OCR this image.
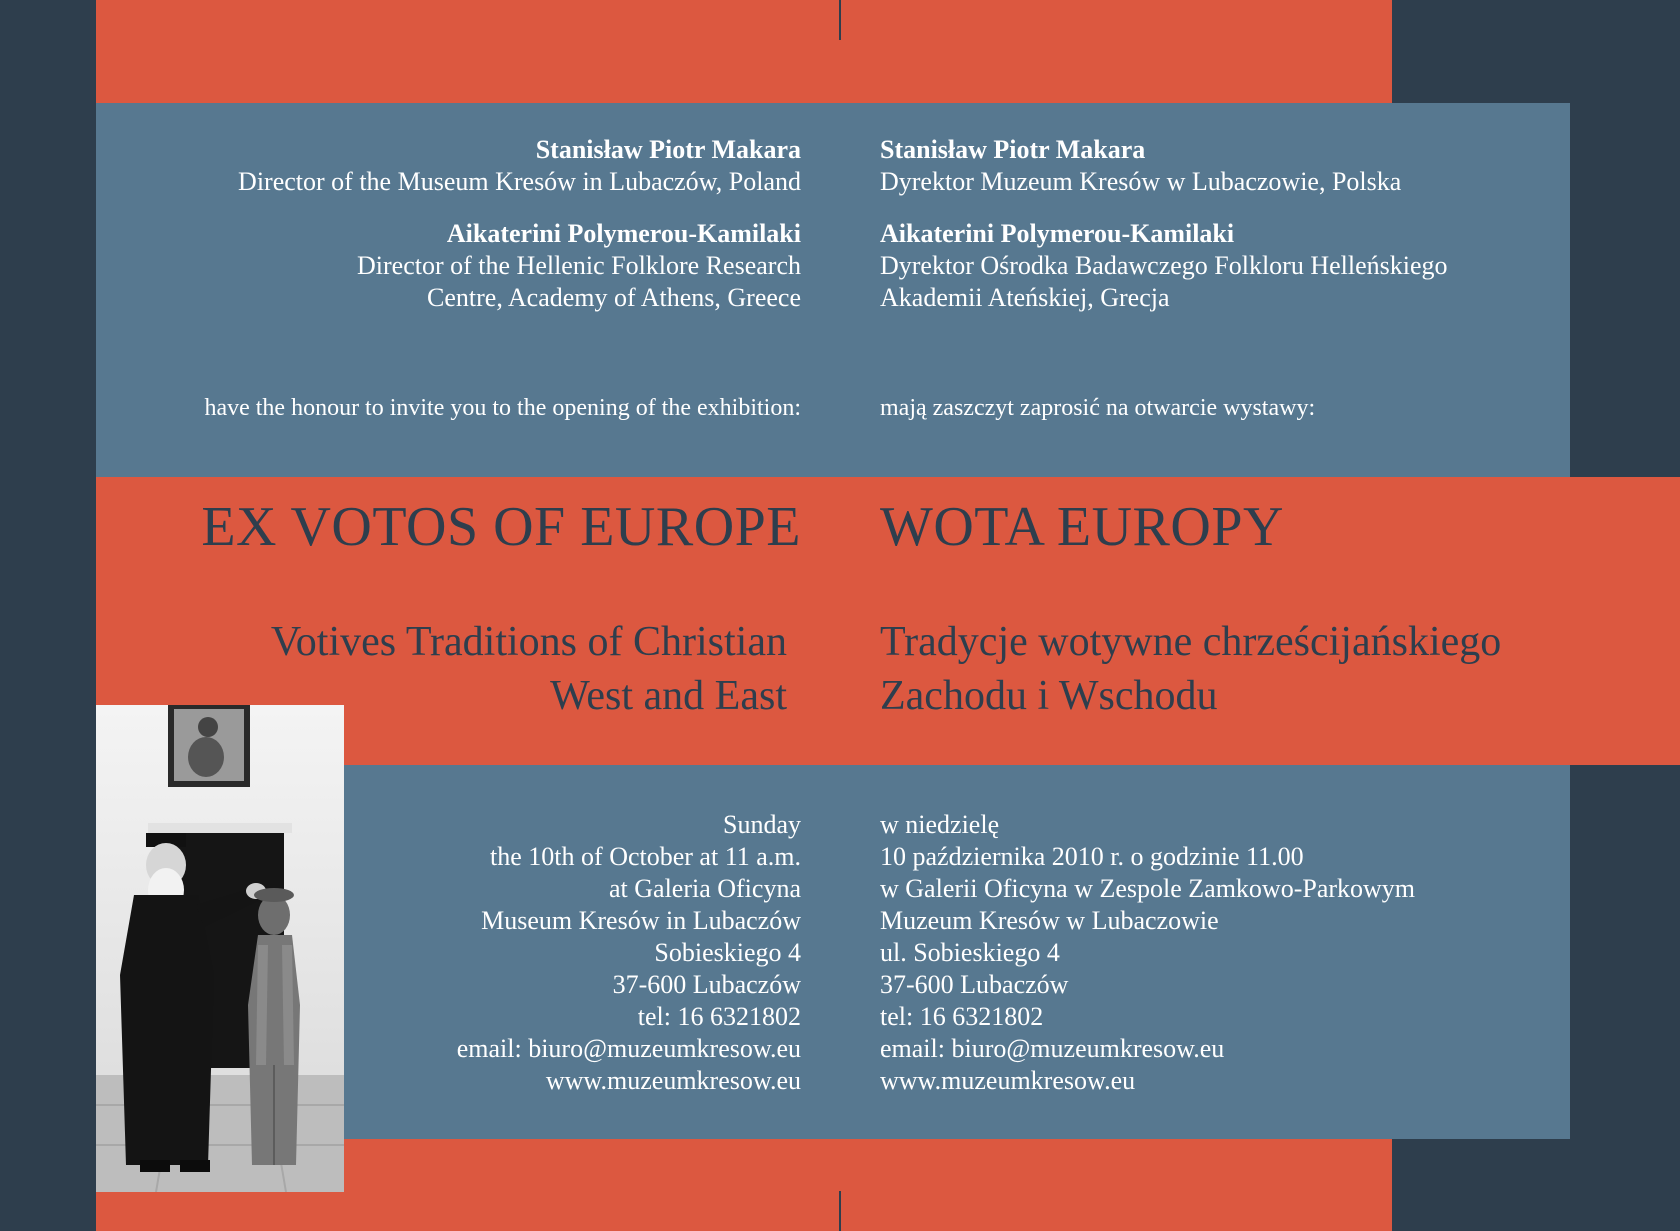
Stanisław Piotr Makara
Director of the Museum Kresów in Lubaczów, Poland
Aikaterini Polymerou-Kamilaki
Director of the Hellenic Folklore Research
Centre, Academy of Athens, Greece
Stanisław Piotr Makara
Dyrektor Muzeum Kresów w Lubaczowie, Polska
Aikaterini Polymerou-Kamilaki
Dyrektor Ośrodka Badawczego Folkloru Helleńskiego
Akademii Ateńskiej, Grecja
have the honour to invite you to the opening of the exhibition:	mają zaszczyt zaprosić na otwarcie wystawy:
EX VOTOS OF EUROPE WOTA EUROPY
Votives Traditions of Christian
West and East
Tradycje wotywne chrześcijańskiego
Zachodu i Wschodu
Sunday
the 10th of October at 11 a.m.
at Galeria Oficyna
Museum Kresów in Lubaczów
Sobieskiego 4
37-600 Lubaczów
tel: 16 6321802
email: biuro@muzeumkresow.eu
www.muzeumkresow.eu
w niedzielę
10 października 2010 r. o godzinie 11.00
w Galerii Oficyna w Zespole Zamkowo-Parkowym
Muzeum Kresów w Lubaczowie
ul. Sobieskiego 4
37-600 Lubaczów
tel: 16 6321802
email: biuro@muzeumkresow.eu
www.muzeumkresow.eu
